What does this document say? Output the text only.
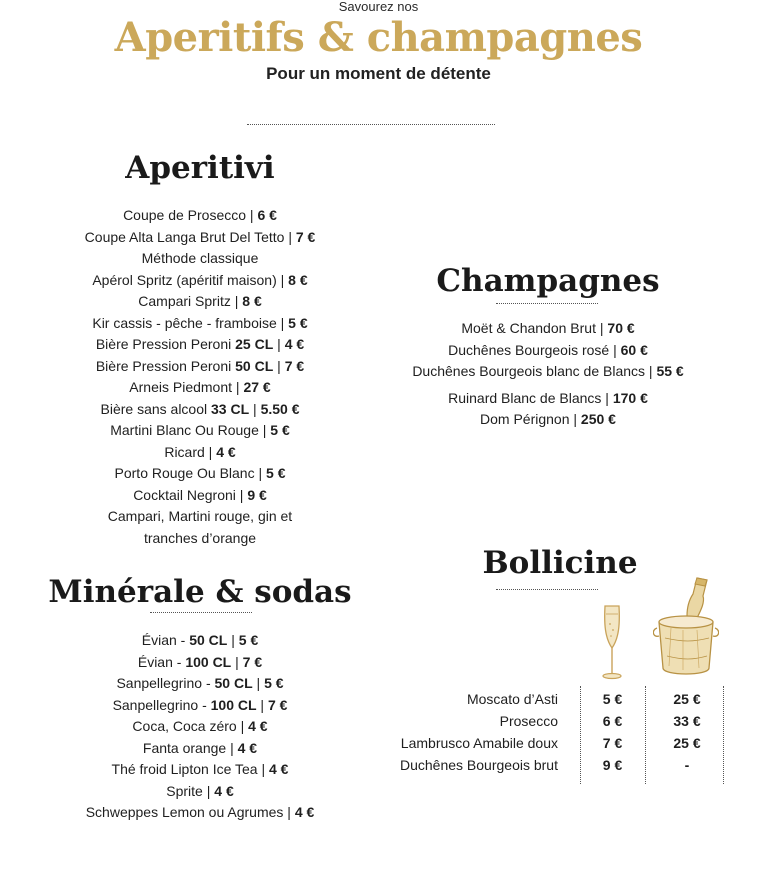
Savourez nos
Aperitifs & champagnes
Pour un moment de détente
Aperitivi
Coupe de Prosecco | 6 €
Coupe Alta Langa Brut Del Tetto | 7 €
Méthode classique
Apérol Spritz (apéritif maison) | 8 €
Campari Spritz | 8 €
Kir cassis - pêche - framboise | 5 €
Bière Pression Peroni 25 CL | 4 €
Bière Pression Peroni 50 CL | 7 €
Arneis Piedmont | 27 €
Bière sans alcool 33 CL | 5.50 €
Martini Blanc Ou Rouge | 5 €
Ricard | 4 €
Porto Rouge Ou Blanc | 5 €
Cocktail Negroni | 9 €
Campari, Martini rouge, gin et
tranches d’orange
Minérale & sodas
Évian - 50 CL | 5 €
Évian - 100 CL | 7 €
Sanpellegrino - 50 CL | 5 €
Sanpellegrino - 100 CL | 7 €
Coca, Coca zéro | 4 €
Fanta orange | 4 €
Thé froid Lipton Ice Tea | 4 €
Sprite | 4 €
Schweppes Lemon ou Agrumes | 4 €
Champagnes
Moët & Chandon Brut | 70 €
Duchênes Bourgeois rosé | 60 €
Duchênes Bourgeois blanc de Blancs | 55 €
Ruinard Blanc de Blancs | 170 €
Dom Pérignon | 250 €
Bollicine
Moscato d’Asti	5 €	25 €
Prosecco	6 €	33 €
Lambrusco Amabile doux	7 €	25 €
Duchênes Bourgeois brut	9 €	-
